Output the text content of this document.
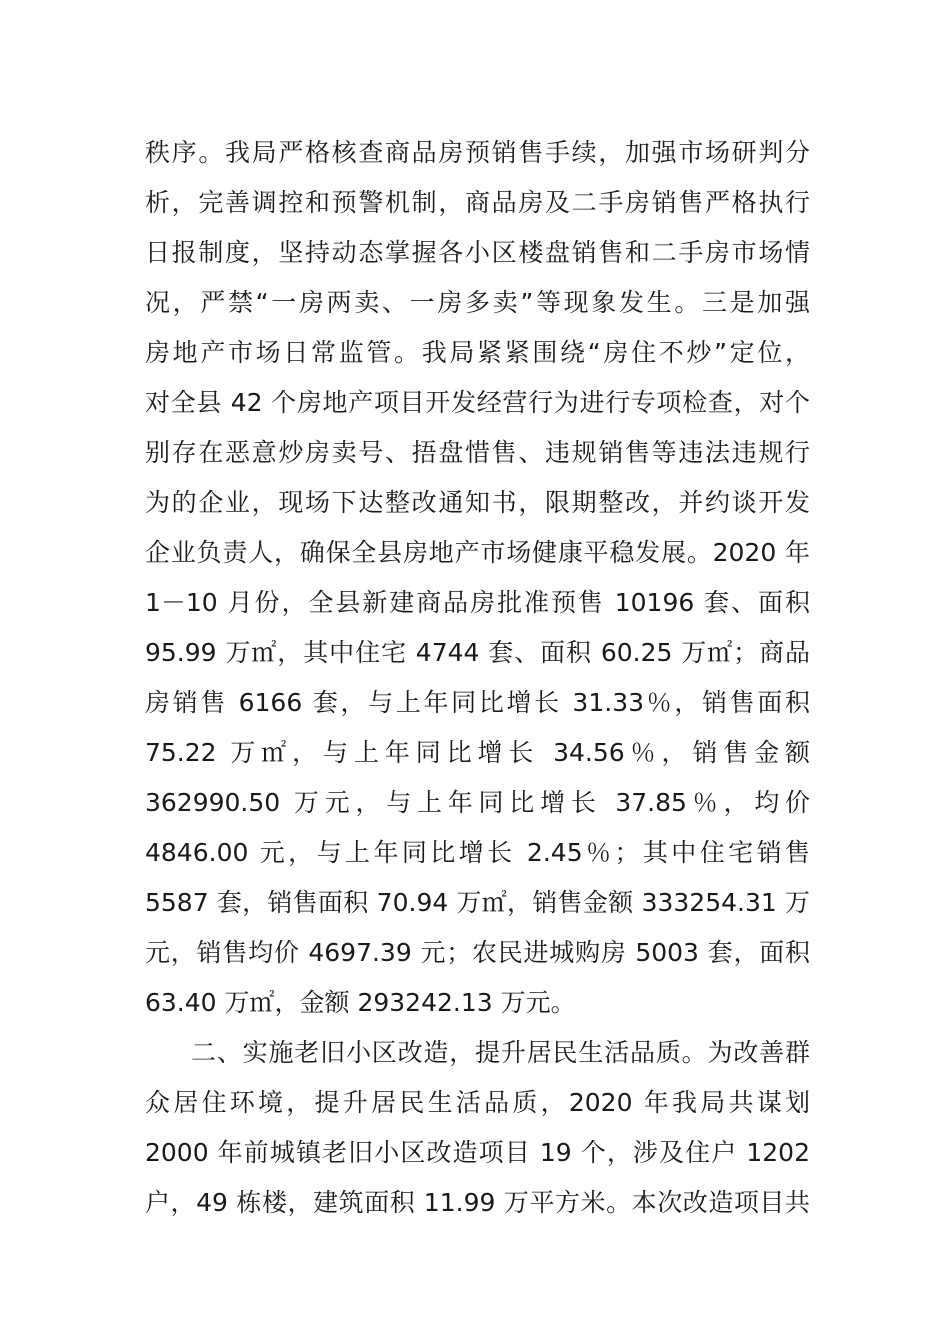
秩序。我局严格核查商品房预销售手续，加强市场研判分
析，完善调控和预警机制，商品房及二手房销售严格执行
日报制度，坚持动态掌握各小区楼盘销售和二手房市场情
况，严禁“一房两卖、一房多卖”等现象发生。三是加强
房地产市场日常监管。我局紧紧围绕“房住不炒”定位，
对全县 42 个房地产项目开发经营行为进行专项检查，对个
别存在恶意炒房卖号、捂盘惜售、违规销售等违法违规行
为的企业，现场下达整改通知书，限期整改，并约谈开发
企业负责人，确保全县房地产市场健康平稳发展。2020 年
1－10 月份，全县新建商品房批准预售 10196 套、面积
95.99 万㎡，其中住宅 4744 套、面积 60.25 万㎡；商品
房销售 6166 套，与上年同比增长 31.33％，销售面积
75.22 万㎡，与上年同比增长 34.56％，销售金额
362990.50 万元，与上年同比增长 37.85％，均价
4846.00 元，与上年同比增长 2.45％；其中住宅销售
5587 套，销售面积 70.94 万㎡，销售金额 333254.31 万
元，销售均价 4697.39 元；农民进城购房 5003 套，面积
63.40 万㎡，金额 293242.13 万元。
二、实施老旧小区改造，提升居民生活品质。为改善群
众居住环境，提升居民生活品质，2020 年我局共谋划
2000 年前城镇老旧小区改造项目 19 个，涉及住户 1202
户，49 栋楼，建筑面积 11.99 万平方米。本次改造项目共
